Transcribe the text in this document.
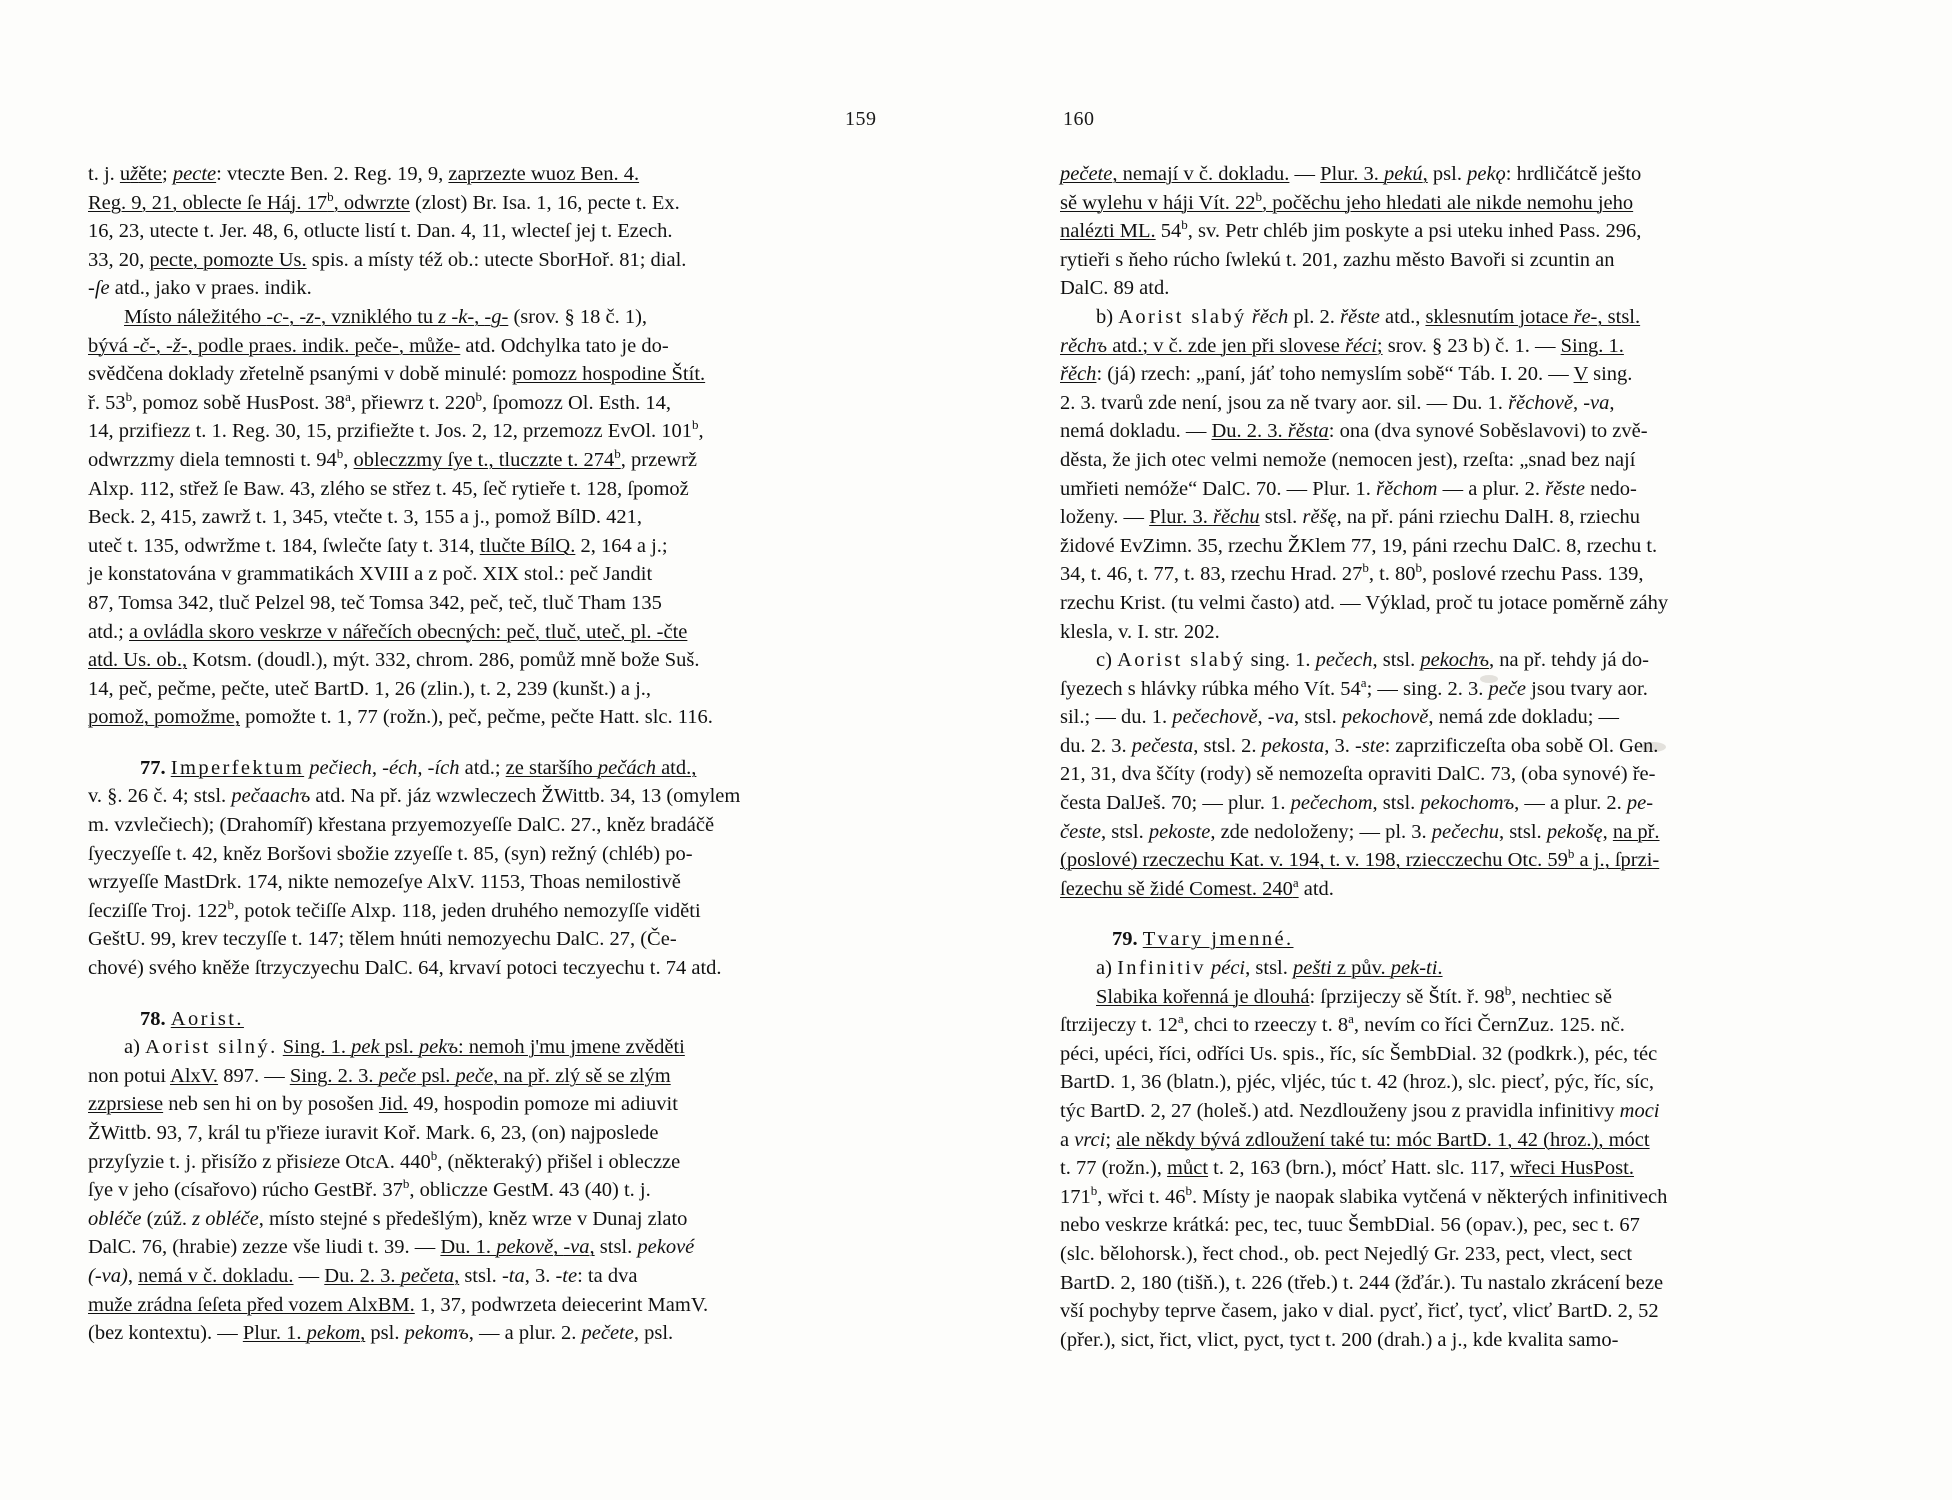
159	160
t. j. užěte; pecte: vteczte Ben. 2. Reg. 19, 9, zaprzezte wuoz Ben. 4.
Reg. 9, 21, oblecte ſe Háj. 17$^b$, odwrzte (zlost) Br. Isa. 1, 16, pecte t. Ex.
16, 23, utecte t. Jer. 48, 6, otlucte listí t. Dan. 4, 11, wlecteſ jej t. Ezech.
33, 20, pecte, pomozte Us. spis. a místy též ob.: utecte SborHoř. 81; dial.
-ſe atd., jako v praes. indik.
Místo náležitého -c-, -z-, vzniklého tu z -k-, -g- (srov. § 18 č. 1),
bývá -č-, -ž-, podle praes. indik. peče-, může- atd. Odchylka tato je do-
svědčena doklady zřetelně psanými v době minulé: pomozz hospodine Štít.
ř. 53$^b$, pomoz sobě HusPost. 38$^a$, přiewrz t. 220$^b$, ſpomozz Ol. Esth. 14,
14, przifiezz t. 1. Reg. 30, 15, przifiežte t. Jos. 2, 12, przemozz EvOl. 101$^b$,
odwrzzmy diela temnosti t. 94$^b$, obleczzmy ſye t., tluczzte t. 274$^b$, przewrž
Alxp. 112, střež ſe Baw. 43, zlého se střez t. 45, ſeč rytieře t. 128, ſpomož
Beck. 2, 415, zawrž t. 1, 345, vtečte t. 3, 155 a j., pomož BílD. 421,
uteč t. 135, odwržme t. 184, ſwlečte ſaty t. 314, tlučte BílQ. 2, 164 a j.;
je konstatována v grammatikách XVIII a z poč. XIX stol.: peč Jandit
87, Tomsa 342, tluč Pelzel 98, teč Tomsa 342, peč, teč, tluč Tham 135
atd.; a ovládla skoro veskrze v nářečích obecných: peč, tluč, uteč, pl. -čte
atd. Us. ob., Kotsm. (doudl.), mýt. 332, chrom. 286, pomůž mně bože Suš.
14, peč, pečme, pečte, uteč BartD. 1, 26 (zlin.), t. 2, 239 (kunšt.) a j.,
pomož, pomožme, pomožte t. 1, 77 (rožn.), peč, pečme, pečte Hatt. slc. 116.
77. Imperfektum pečiech, -éch, -ích atd.; ze staršího pečách atd.,
v. §. 26 č. 4; stsl. pečaachъ atd. Na př. jáz wzwleczech ŽWittb. 34, 13 (omylem
m. vzvlečiech); (Drahomíř) křestana przyemozyeſſe DalC. 27., kněz bradáčě
ſyeczyeſſe t. 42, kněz Boršovi sbožie zzyeſſe t. 85, (syn) režný (chléb) po-
wrzyeſſe MastDrk. 174, nikte nemozeſye AlxV. 1153, Thoas nemilostivě
ſecziſſe Troj. 122$^b$, potok tečiſſe Alxp. 118, jeden druhého nemozyſſe viděti
GeštU. 99, krev teczyſſe t. 147; tělem hnúti nemozyechu DalC. 27, (Če-
chové) svého kněže ſtrzyczyechu DalC. 64, krvaví potoci teczyechu t. 74 atd.
78. Aorist.
a) Aorist silný. Sing. 1. pek psl. pekъ: nemoh j'mu jmene zvěděti
non potui AlxV. 897. — Sing. 2. 3. peče psl. peče, na př. zlý sě se zlým
zzprsiese neb sen hi on by posošen Jid. 49, hospodin pomoze mi adiuvit
ŽWittb. 93, 7, král tu p'řieze iuravit Koř. Mark. 6, 23, (on) najposlede
przyſyzie t. j. přisížo z přisieze OtcA. 440$^b$, (některaký) přišel i obleczze
ſye v jeho (císařovo) rúcho GestBř. 37$^b$, obliczze GestM. 43 (40) t. j.
obléče (zúž. z obléče, místo stejné s předešlým), kněz wrze v Dunaj zlato
DalC. 76, (hrabie) zezze vše liudi t. 39. — Du. 1. pekově, -va, stsl. pekové
(-va), nemá v č. dokladu. — Du. 2. 3. pečeta, stsl. -ta, 3. -te: ta dva
muže zrádna ſeſeta před vozem AlxBM. 1, 37, podwrzeta deiecerint MamV.
(bez kontextu). — Plur. 1. pekom, psl. pekomъ, — a plur. 2. pečete, psl.
pečete, nemají v č. dokladu. — Plur. 3. pekú, psl. pekǫ: hrdličátcě ješto
sě wylehu v háji Vít. 22$^b$, počěchu jeho hledati ale nikde nemohu jeho
nalézti ML. 54$^b$, sv. Petr chléb jim poskyte a psi uteku inhed Pass. 296,
rytieři s ňeho rúcho ſwlekú t. 201, zazhu město Bavoři si zcuntin an
DalC. 89 atd.
b) Aorist slabý řěch pl. 2. řěste atd., sklesnutím jotace ře-, stsl.
rěchъ atd.; v č. zde jen při slovese řéci; srov. § 23 b) č. 1. — Sing. 1.
řěch: (já) rzech: „paní, jáť toho nemyslím sobě“ Táb. I. 20. — V sing.
2. 3. tvarů zde není, jsou za ně tvary aor. sil. — Du. 1. řěchově, -va,
nemá dokladu. — Du. 2. 3. řěsta: ona (dva synové Soběslavovi) to zvě-
děsta, že jich otec velmi nemože (nemocen jest), rzeſta: „snad bez nají
umřieti nemóže“ DalC. 70. — Plur. 1. řěchom — a plur. 2. řěste nedo-
loženy. — Plur. 3. řěchu stsl. rěšę, na př. páni rziechu DalH. 8, rziechu
židové EvZimn. 35, rzechu ŽKlem 77, 19, páni rzechu DalC. 8, rzechu t.
34, t. 46, t. 77, t. 83, rzechu Hrad. 27$^b$, t. 80$^b$, poslové rzechu Pass. 139,
rzechu Krist. (tu velmi často) atd. — Výklad, proč tu jotace poměrně záhy
klesla, v. I. str. 202.
c) Aorist slabý sing. 1. pečech, stsl. pekochъ, na př. tehdy já do-
ſyezech s hlávky rúbka mého Vít. 54$^a$; — sing. 2. 3. peče jsou tvary aor.
sil.; — du. 1. pečechově, -va, stsl. pekochově, nemá zde dokladu; —
du. 2. 3. pečesta, stsl. 2. pekosta, 3. -ste: zaprzificzeſta oba sobě Ol. Gen.
21, 31, dva ščíty (rody) sě nemozeſta opraviti DalC. 73, (oba synové) ře-
česta DalJeš. 70; — plur. 1. pečechom, stsl. pekochomъ, — a plur. 2. pe-
česte, stsl. pekoste, zde nedoloženy; — pl. 3. pečechu, stsl. pekošę, na př.
(poslové) rzeczechu Kat. v. 194, t. v. 198, rziecczechu Otc. 59$^b$ a j., ſprzi-
ſezechu sě židé Comest. 240$^a$ atd.
79. Tvary jmenné.
a) Infinitiv péci, stsl. pešti z pův. pek-ti.
Slabika kořenná je dlouhá: ſprzijeczy sě Štít. ř. 98$^b$, nechtiec sě
ſtrzijeczy t. 12$^a$, chci to rzeeczy t. 8$^a$, nevím co říci ČernZuz. 125. nč.
péci, upéci, říci, odříci Us. spis., říc, síc ŠembDial. 32 (podkrk.), péc, téc
BartD. 1, 36 (blatn.), pjéc, vljéc, túc t. 42 (hroz.), slc. piecť, pýc, říc, síc,
týc BartD. 2, 27 (holeš.) atd. Nezdlouženy jsou z pravidla infinitivy moci
a vrci; ale někdy bývá zdloužení také tu: móc BartD. 1, 42 (hroz.), móct
t. 77 (rožn.), můct t. 2, 163 (brn.), mócť Hatt. slc. 117, wřeci HusPost.
171$^b$, wřci t. 46$^b$. Místy je naopak slabika vytčená v některých infinitivech
nebo veskrze krátká: pec, tec, tuuc ŠembDial. 56 (opav.), pec, sec t. 67
(slc. bělohorsk.), řect chod., ob. pect Nejedlý Gr. 233, pect, vlect, sect
BartD. 2, 180 (tišň.), t. 226 (třeb.) t. 244 (žďár.). Tu nastalo zkrácení beze
vší pochyby teprve časem, jako v dial. pycť, řicť, tycť, vlicť BartD. 2, 52
(přer.), sict, řict, vlict, pyct, tyct t. 200 (drah.) a j., kde kvalita samo-
